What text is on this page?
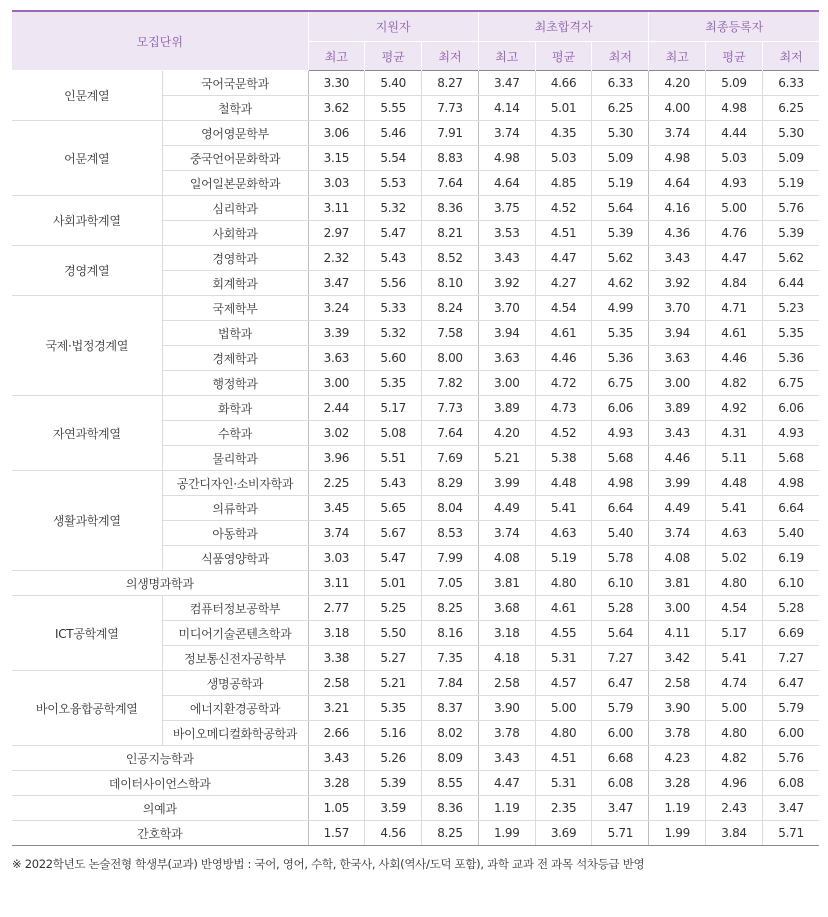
모집단위		지원자			최초합격자			최종등록자		
		최고	평균	최저	최고	평균	최저	최고	평균	최저
인문계열	국어국문학과	3.30	5.40	8.27	3.47	4.66	6.33	4.20	5.09	6.33
	철학과	3.62	5.55	7.73	4.14	5.01	6.25	4.00	4.98	6.25
어문계열	영어영문학부	3.06	5.46	7.91	3.74	4.35	5.30	3.74	4.44	5.30
	중국언어문화학과	3.15	5.54	8.83	4.98	5.03	5.09	4.98	5.03	5.09
	일어일본문화학과	3.03	5.53	7.64	4.64	4.85	5.19	4.64	4.93	5.19
사회과학계열	심리학과	3.11	5.32	8.36	3.75	4.52	5.64	4.16	5.00	5.76
	사회학과	2.97	5.47	8.21	3.53	4.51	5.39	4.36	4.76	5.39
경영계열	경영학과	2.32	5.43	8.52	3.43	4.47	5.62	3.43	4.47	5.62
	회계학과	3.47	5.56	8.10	3.92	4.27	4.62	3.92	4.84	6.44
국제·법정경계열	국제학부	3.24	5.33	8.24	3.70	4.54	4.99	3.70	4.71	5.23
	법학과	3.39	5.32	7.58	3.94	4.61	5.35	3.94	4.61	5.35
	경제학과	3.63	5.60	8.00	3.63	4.46	5.36	3.63	4.46	5.36
	행정학과	3.00	5.35	7.82	3.00	4.72	6.75	3.00	4.82	6.75
자연과학계열	화학과	2.44	5.17	7.73	3.89	4.73	6.06	3.89	4.92	6.06
	수학과	3.02	5.08	7.64	4.20	4.52	4.93	3.43	4.31	4.93
	물리학과	3.96	5.51	7.69	5.21	5.38	5.68	4.46	5.11	5.68
생활과학계열	공간디자인·소비자학과	2.25	5.43	8.29	3.99	4.48	4.98	3.99	4.48	4.98
	의류학과	3.45	5.65	8.04	4.49	5.41	6.64	4.49	5.41	6.64
	아동학과	3.74	5.67	8.53	3.74	4.63	5.40	3.74	4.63	5.40
	식품영양학과	3.03	5.47	7.99	4.08	5.19	5.78	4.08	5.02	6.19
의생명과학과		3.11	5.01	7.05	3.81	4.80	6.10	3.81	4.80	6.10
ICT공학계열	컴퓨터정보공학부	2.77	5.25	8.25	3.68	4.61	5.28	3.00	4.54	5.28
	미디어기술콘텐츠학과	3.18	5.50	8.16	3.18	4.55	5.64	4.11	5.17	6.69
	정보통신전자공학부	3.38	5.27	7.35	4.18	5.31	7.27	3.42	5.41	7.27
바이오융합공학계열	생명공학과	2.58	5.21	7.84	2.58	4.57	6.47	2.58	4.74	6.47
	에너지환경공학과	3.21	5.35	8.37	3.90	5.00	5.79	3.90	5.00	5.79
	바이오메디컬화학공학과	2.66	5.16	8.02	3.78	4.80	6.00	3.78	4.80	6.00
인공지능학과		3.43	5.26	8.09	3.43	4.51	6.68	4.23	4.82	5.76
데이터사이언스학과		3.28	5.39	8.55	4.47	5.31	6.08	3.28	4.96	6.08
의예과		1.05	3.59	8.36	1.19	2.35	3.47	1.19	2.43	3.47
간호학과		1.57	4.56	8.25	1.99	3.69	5.71	1.99	3.84	5.71
※ 2022학년도 논술전형 학생부(교과) 반영방법 : 국어, 영어, 수학, 한국사, 사회(역사/도덕 포함), 과학 교과 전 과목 석차등급 반영
